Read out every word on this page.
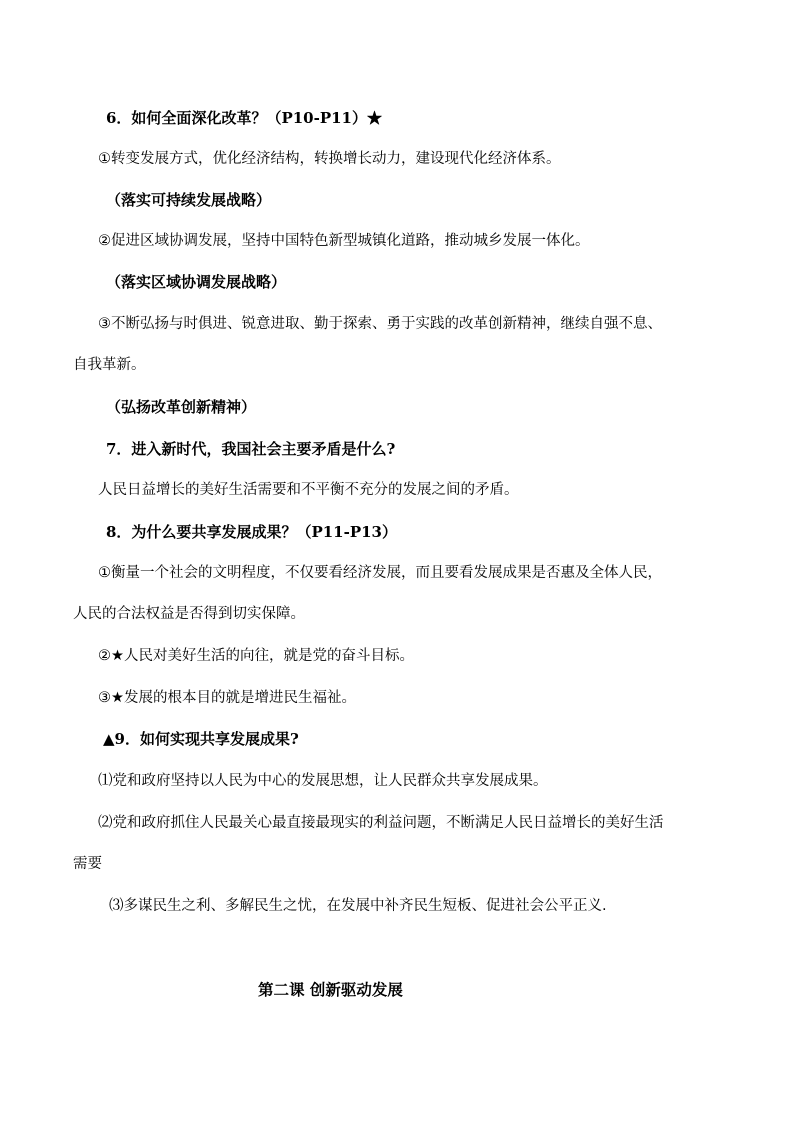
6．如何全面深化改革？（P10-P11）★
①转变发展方式，优化经济结构，转换增长动力，建设现代化经济体系。
（落实可持续发展战略）
②促进区域协调发展，坚持中国特色新型城镇化道路，推动城乡发展一体化。
（落实区域协调发展战略）
③不断弘扬与时俱进、锐意进取、勤于探索、勇于实践的改革创新精神，继续自强不息、
自我革新。
（弘扬改革创新精神）
7．进入新时代，我国社会主要矛盾是什么?
人民日益增长的美好生活需要和不平衡不充分的发展之间的矛盾。
8．为什么要共享发展成果？（P11-P13）
①衡量一个社会的文明程度，不仅要看经济发展，而且要看发展成果是否惠及全体人民，
人民的合法权益是否得到切实保障。
②★人民对美好生活的向往，就是党的奋斗目标。
③★发展的根本目的就是增进民生福祉。
▲9．如何实现共享发展成果?
⑴党和政府坚持以人民为中心的发展思想，让人民群众共享发展成果。
⑵党和政府抓住人民最关心最直接最现实的利益问题，不断满足人民日益增长的美好生活
需要
⑶多谋民生之利、多解民生之忧，在发展中补齐民生短板、促进社会公平正义.
第二课 创新驱动发展
